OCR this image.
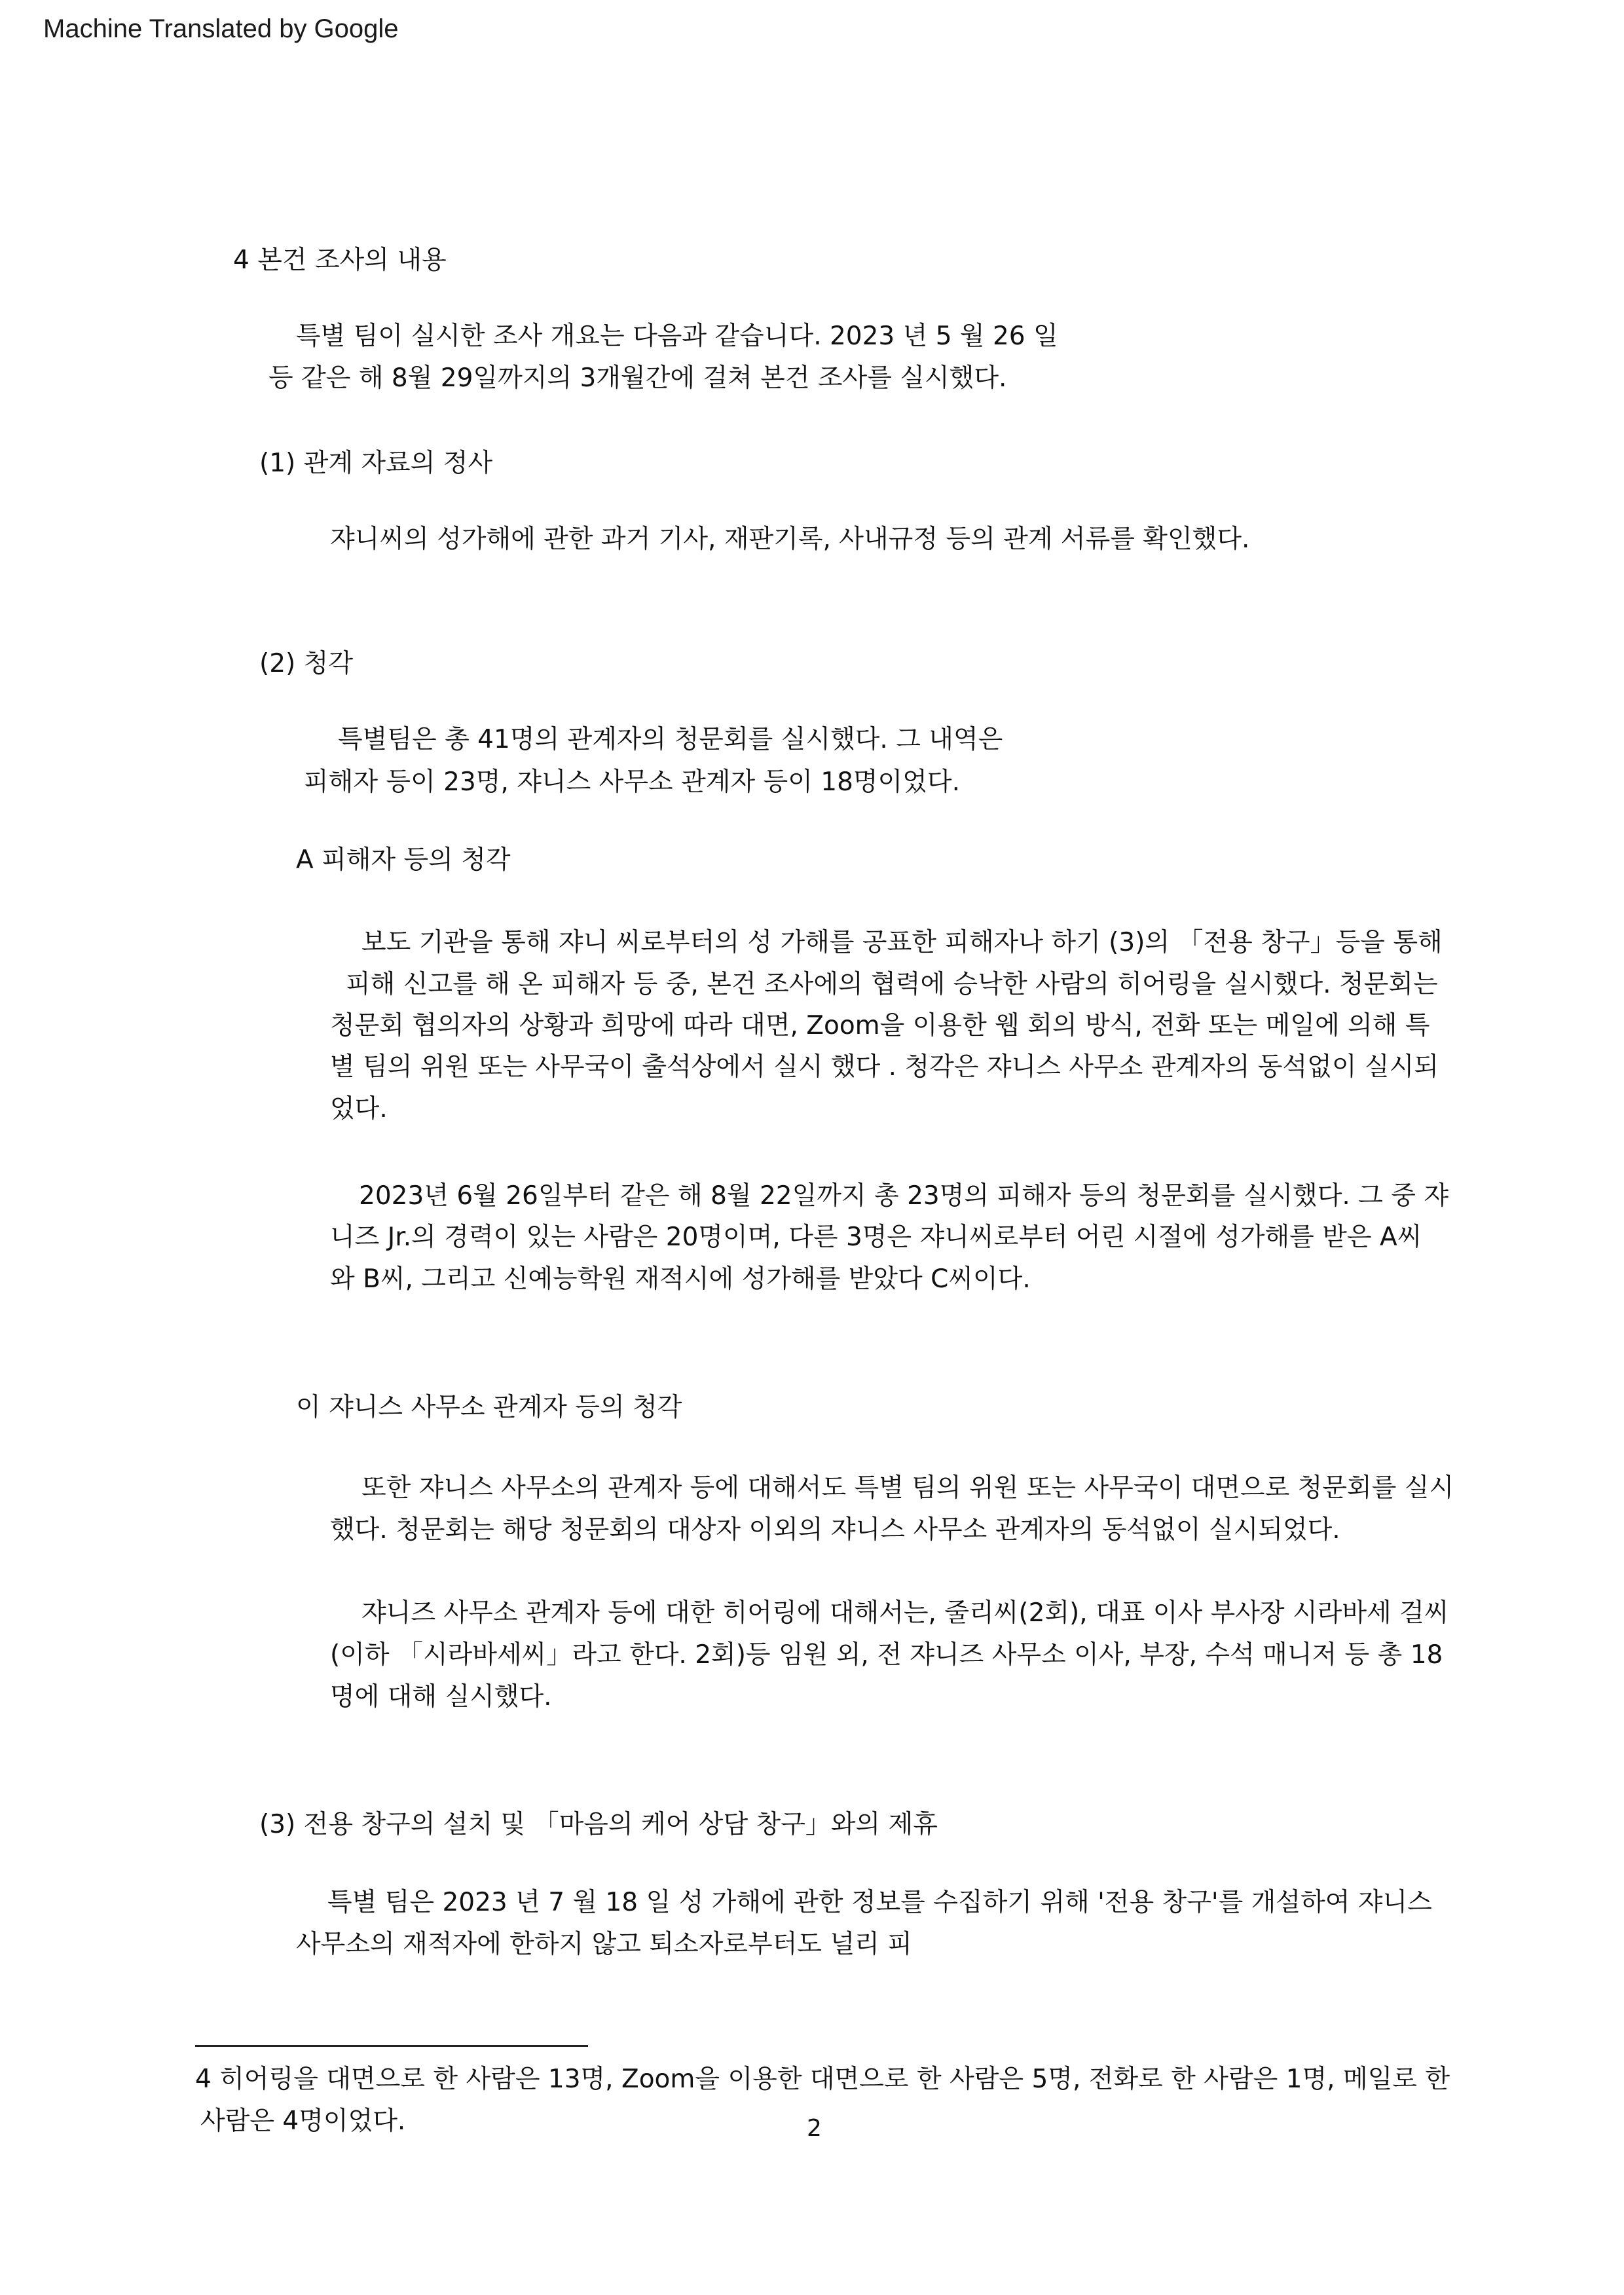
Machine Translated by Google
4 본건 조사의 내용
특별 팀이 실시한 조사 개요는 다음과 같습니다. 2023 년 5 월 26 일
등 같은 해 8월 29일까지의 3개월간에 걸쳐 본건 조사를 실시했다.
(1) 관계 자료의 정사
쟈니씨의 성가해에 관한 과거 기사, 재판기록, 사내규정 등의 관계 서류를 확인했다.
(2) 청각
특별팀은 총 41명의 관계자의 청문회를 실시했다. 그 내역은
피해자 등이 23명, 쟈니스 사무소 관계자 등이 18명이었다.
A 피해자 등의 청각
보도 기관을 통해 쟈니 씨로부터의 성 가해를 공표한 피해자나 하기 (3)의 「전용 창구」등을 통해
피해 신고를 해 온 피해자 등 중, 본건 조사에의 협력에 승낙한 사람의 히어링을 실시했다. 청문회는
청문회 협의자의 상황과 희망에 따라 대면, Zoom을 이용한 웹 회의 방식, 전화 또는 메일에 의해 특
별 팀의 위원 또는 사무국이 출석상에서 실시 했다 . 청각은 쟈니스 사무소 관계자의 동석없이 실시되
었다.
2023년 6월 26일부터 같은 해 8월 22일까지 총 23명의 피해자 등의 청문회를 실시했다. 그 중 쟈
니즈 Jr.의 경력이 있는 사람은 20명이며, 다른 3명은 쟈니씨로부터 어린 시절에 성가해를 받은 A씨
와 B씨, 그리고 신예능학원 재적시에 성가해를 받았다 C씨이다.
이 쟈니스 사무소 관계자 등의 청각
또한 쟈니스 사무소의 관계자 등에 대해서도 특별 팀의 위원 또는 사무국이 대면으로 청문회를 실시
했다. 청문회는 해당 청문회의 대상자 이외의 쟈니스 사무소 관계자의 동석없이 실시되었다.
쟈니즈 사무소 관계자 등에 대한 히어링에 대해서는, 줄리씨(2회), 대표 이사 부사장 시라바세 걸씨
(이하 「시라바세씨」라고 한다. 2회)등 임원 외, 전 쟈니즈 사무소 이사, 부장, 수석 매니저 등 총 18
명에 대해 실시했다.
(3) 전용 창구의 설치 및 「마음의 케어 상담 창구」와의 제휴
특별 팀은 2023 년 7 월 18 일 성 가해에 관한 정보를 수집하기 위해 '전용 창구'를 개설하여 쟈니스
사무소의 재적자에 한하지 않고 퇴소자로부터도 널리 피
4 히어링을 대면으로 한 사람은 13명, Zoom을 이용한 대면으로 한 사람은 5명, 전화로 한 사람은 1명, 메일로 한
사람은 4명이었다.	2
